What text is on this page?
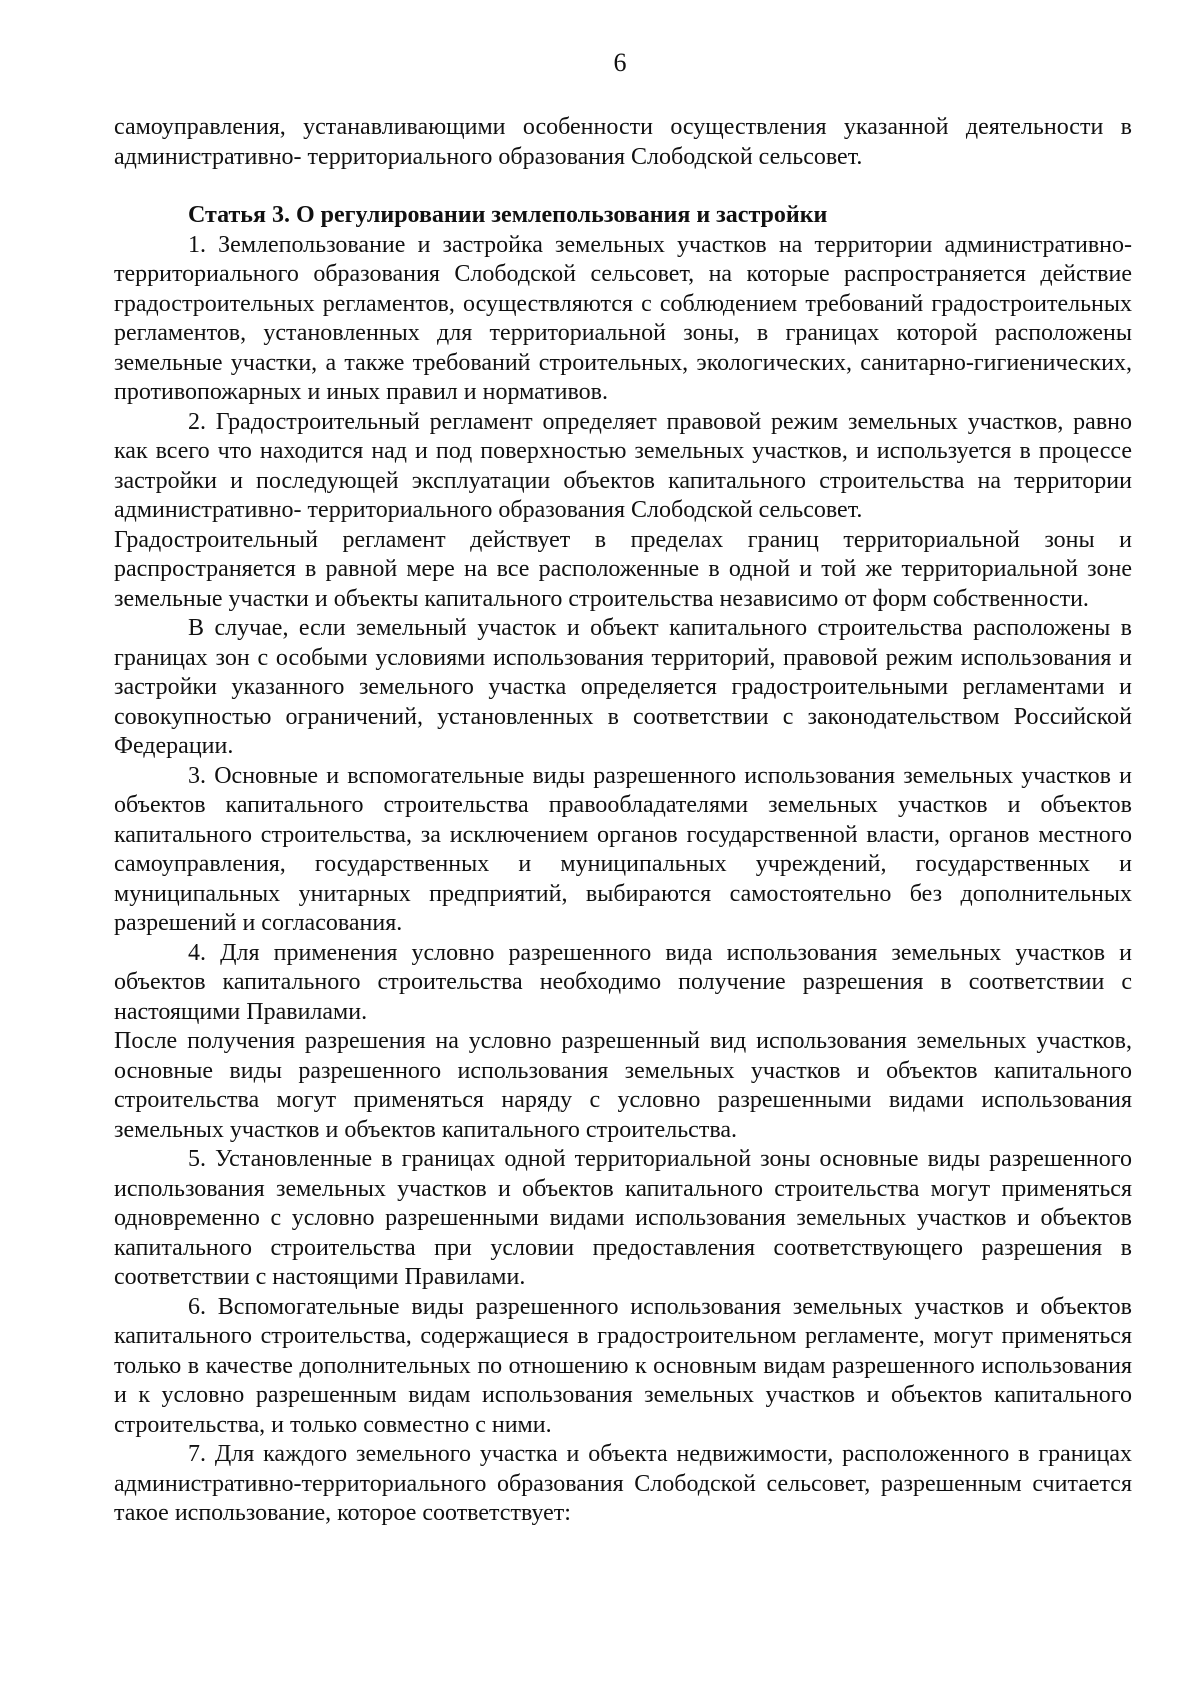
6

самоуправления, устанавливающими особенности осуществления указанной деятельности в административно- территориального образования Слободской сельсовет.

Статья 3. О регулировании землепользования и застройки

1. Землепользование и застройка земельных участков на территории административно-территориального образования Слободской сельсовет, на которые распространяется действие градостроительных регламентов, осуществляются с соблюдением требований градостроительных регламентов, установленных для территориальной зоны, в границах которой расположены земельные участки, а также требований строительных, экологических, санитарно-гигиенических, противопожарных и иных правил и нормативов.

2. Градостроительный регламент определяет правовой режим земельных участков, равно как всего что находится над и под поверхностью земельных участков, и используется в процессе застройки и последующей эксплуатации объектов капитального строительства на территории административно- территориального образования Слободской сельсовет.

Градостроительный регламент действует в пределах границ территориальной зоны и распространяется в равной мере на все расположенные в одной и той же территориальной зоне земельные участки и объекты капитального строительства независимо от форм собственности.

В случае, если земельный участок и объект капитального строительства расположены в границах зон с особыми условиями использования территорий, правовой режим использования и застройки указанного земельного участка определяется градостроительными регламентами и совокупностью ограничений, установленных в соответствии с законодательством Российской Федерации.

3. Основные и вспомогательные виды разрешенного использования земельных участков и объектов капитального строительства правообладателями земельных участков и объектов капитального строительства, за исключением органов государственной власти, органов местного самоуправления, государственных и муниципальных учреждений, государственных и муниципальных унитарных предприятий, выбираются самостоятельно без дополнительных разрешений и согласования.

4. Для применения условно разрешенного вида использования земельных участков и объектов капитального строительства необходимо получение разрешения в соответствии с настоящими Правилами.

После получения разрешения на условно разрешенный вид использования земельных участков, основные виды разрешенного использования земельных участков и объектов капитального строительства могут применяться наряду с условно разрешенными видами использования земельных участков и объектов капитального строительства.

5. Установленные в границах одной территориальной зоны основные виды разрешенного использования земельных участков и объектов капитального строительства могут применяться одновременно с условно разрешенными видами использования земельных участков и объектов капитального строительства при условии предоставления соответствующего разрешения в соответствии с настоящими Правилами.

6. Вспомогательные виды разрешенного использования земельных участков и объектов капитального строительства, содержащиеся в градостроительном регламенте, могут применяться только в качестве дополнительных по отношению к основным видам разрешенного использования и к условно разрешенным видам использования земельных участков и объектов капитального строительства, и только совместно с ними.

7. Для каждого земельного участка и объекта недвижимости, расположенного в границах административно-территориального образования Слободской сельсовет, разрешенным считается такое использование, которое соответствует:
